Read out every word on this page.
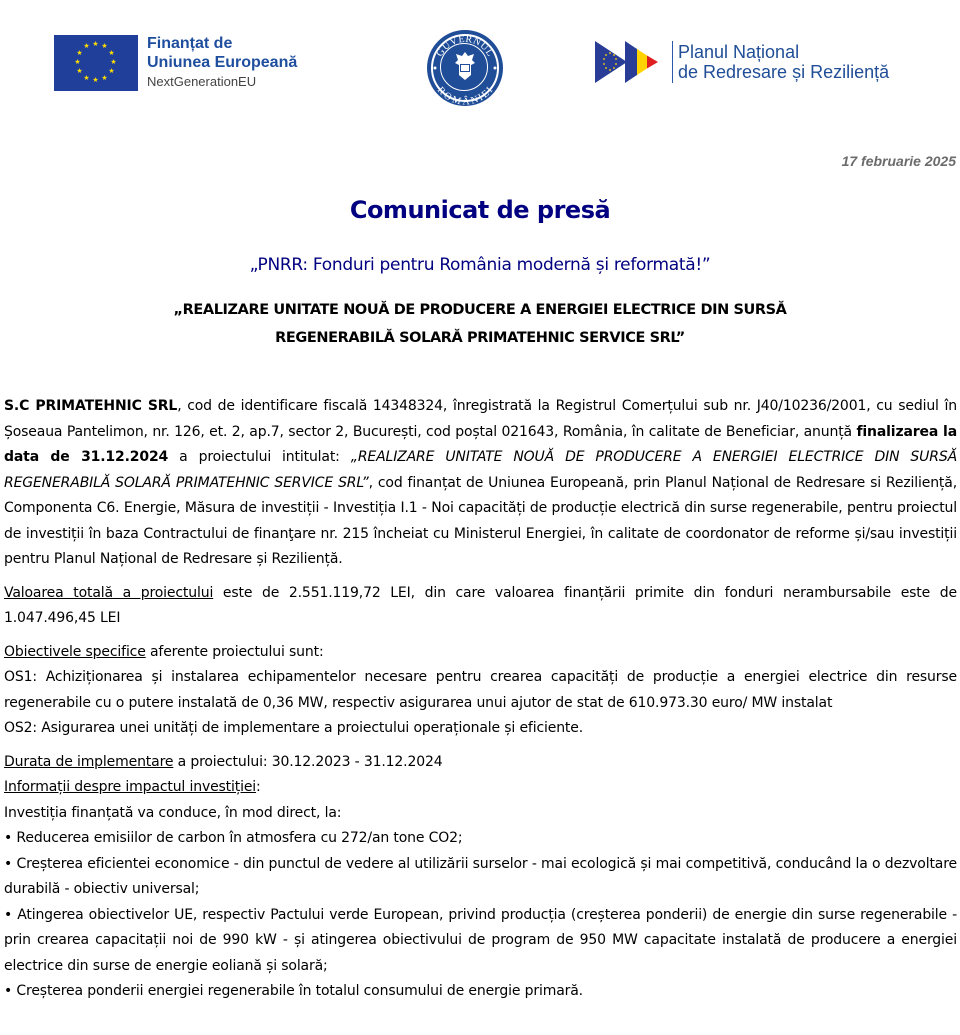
★ ★
★
★
★
★
★
★
★
★
★
★	Finanțat de
Uniunea Europeană
NextGenerationEU
GUVERNUL
ROMÂNIEI
Planul Național
de Redresare și Reziliență
17 februarie 2025
Comunicat de presă
„PNRR: Fonduri pentru România modernă și reformată!”
„REALIZARE UNITATE NOUĂ DE PRODUCERE A ENERGIEI ELECTRICE DIN SURSĂ
REGENERABILĂ SOLARĂ PRIMATEHNIC SERVICE SRL”

S.C PRIMATEHNIC SRL, cod de identificare fiscală 14348324, înregistrată la Registrul Comerțului sub nr. J40/10236/2001, cu sediul în Șoseaua Pantelimon, nr. 126, et. 2, ap.7, sector 2, București, cod poștal 021643, România, în calitate de Beneficiar, anunță finalizarea la data de 31.12.2024 a proiectului intitulat: „REALIZARE UNITATE NOUĂ DE PRODUCERE A ENERGIEI ELECTRICE DIN SURSĂ REGENERABILĂ SOLARĂ PRIMATEHNIC SERVICE SRL”, cod finanțat de Uniunea Europeană, prin Planul Național de Redresare si Reziliență, Componenta C6. Energie, Măsura de investiții - Investiția I.1 - Noi capacități de producție electrică din surse regenerabile, pentru proiectul de investiții în baza Contractului de finanţare nr. 215 încheiat cu Ministerul Energiei, în calitate de coordonator de reforme și/sau investiții pentru Planul Național de Redresare și Reziliență.

Valoarea totală a proiectului este de 2.551.119,72 LEI, din care valoarea finanțării primite din fonduri nerambursabile este de 1.047.496,45 LEI

Obiectivele specifice aferente proiectului sunt:

OS1: Achiziționarea și instalarea echipamentelor necesare pentru crearea capacități de producție a energiei electrice din resurse regenerabile cu o putere instalată de 0,36 MW, respectiv asigurarea unui ajutor de stat de 610.973.30 euro/ MW instalat

OS2: Asigurarea unei unități de implementare a proiectului operaționale și eficiente.

Durata de implementare a proiectului: 30.12.2023 - 31.12.2024

Informații despre impactul investiției:

Investiția finanțată va conduce, în mod direct, la:

• Reducerea emisiilor de carbon în atmosfera cu 272/an tone CO2;

• Creșterea eficientei economice - din punctul de vedere al utilizării surselor - mai ecologică și mai competitivă, conducând la o dezvoltare durabilă - obiectiv universal;

• Atingerea obiectivelor UE, respectiv Pactului verde European, privind producția (creșterea ponderii) de energie din surse regenerabile - prin crearea capacitații noi de 990 kW - și atingerea obiectivului de program de 950 MW capacitate instalată de producere a energiei electrice din surse de energie eoliană și solară;

• Creșterea ponderii energiei regenerabile în totalul consumului de energie primară.
